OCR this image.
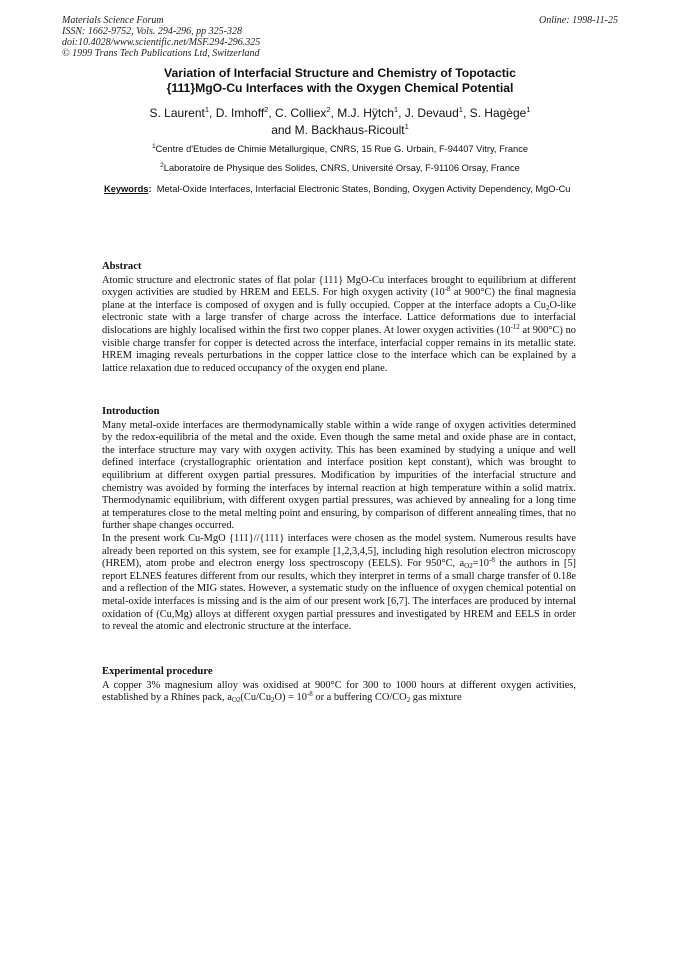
Materials Science Forum
ISSN: 1662-9752, Vols. 294-296, pp 325-328
doi:10.4028/www.scientific.net/MSF.294-296.325
© 1999 Trans Tech Publications Ltd, Switzerland
Online: 1998-11-25
Variation of Interfacial Structure and Chemistry of Topotactic
{111}MgO-Cu Interfaces with the Oxygen Chemical Potential
S. Laurent$^1$, D. Imhoff$^2$, C. Colliex$^2$, M.J. Hÿtch$^1$, J. Devaud$^1$, S. Hagège$^1$
and M. Backhaus-Ricoult$^1$
$^1$Centre d'Etudes de Chimie Métallurgique, CNRS, 15 Rue G. Urbain, F-94407 Vitry, France
$^2$Laboratoire de Physique des Solides, CNRS, Université Orsay, F-91106 Orsay, France
Keywords: Metal-Oxide Interfaces, Interfacial Electronic States, Bonding, Oxygen Activity Dependency, MgO-Cu
Abstract

Atomic structure and electronic states of flat polar {111} MgO-Cu interfaces brought to equilibrium at different oxygen activities are studied by HREM and EELS. For high oxygen activity ($10^{-8}$ at 900°C) the final magnesia plane at the interface is composed of oxygen and is fully occupied. Copper at the interface adopts a $Cu_2O$-like electronic state with a large transfer of charge across the interface. Lattice deformations due to interfacial dislocations are highly localised within the first two copper planes. At lower oxygen activities ($10^{-12}$ at 900°C) no visible charge transfer for copper is detected across the interface, interfacial copper remains in its metallic state. HREM imaging reveals perturbations in the copper lattice close to the interface which can be explained by a lattice relaxation due to reduced occupancy of the oxygen end plane.

Introduction

Many metal-oxide interfaces are thermodynamically stable within a wide range of oxygen activities determined by the redox-equilibria of the metal and the oxide. Even though the same metal and oxide phase are in contact, the interface structure may vary with oxygen activity. This has been examined by studying a unique and well defined interface (crystallographic orientation and interface position kept constant), which was brought to equilibrium at different oxygen partial pressures. Modification by impurities of the interfacial structure and chemistry was avoided by forming the interfaces by internal reaction at high temperature within a solid matrix. Thermodynamic equilibrium, with different oxygen partial pressures, was achieved by annealing for a long time at temperatures close to the metal melting point and ensuring, by comparison of different annealing times, that no further shape changes occurred.

In the present work Cu-MgO {111}//{111} interfaces were chosen as the model system. Numerous results have already been reported on this system, see for example [1,2,3,4,5], including high resolution electron microscopy (HREM), atom probe and electron energy loss spectroscopy (EELS). For 950°C, $a_{O2}=10^{-8}$ the authors in [5] report ELNES features different from our results, which they interpret in terms of a small charge transfer of 0.18e and a reflection of the MIG states. However, a systematic study on the influence of oxygen chemical potential on metal-oxide interfaces is missing and is the aim of our present work [6,7]. The interfaces are produced by internal oxidation of (Cu,Mg) alloys at different oxygen partial pressures and investigated by HREM and EELS in order to reveal the atomic and electronic structure at the interface.

Experimental procedure

A copper 3% magnesium alloy was oxidised at 900°C for 300 to 1000 hours at different oxygen activities, established by a Rhines pack, $a_{O2}(Cu/Cu_2O) = 10^{-8}$ or a buffering $CO/CO_2$ gas mixture
